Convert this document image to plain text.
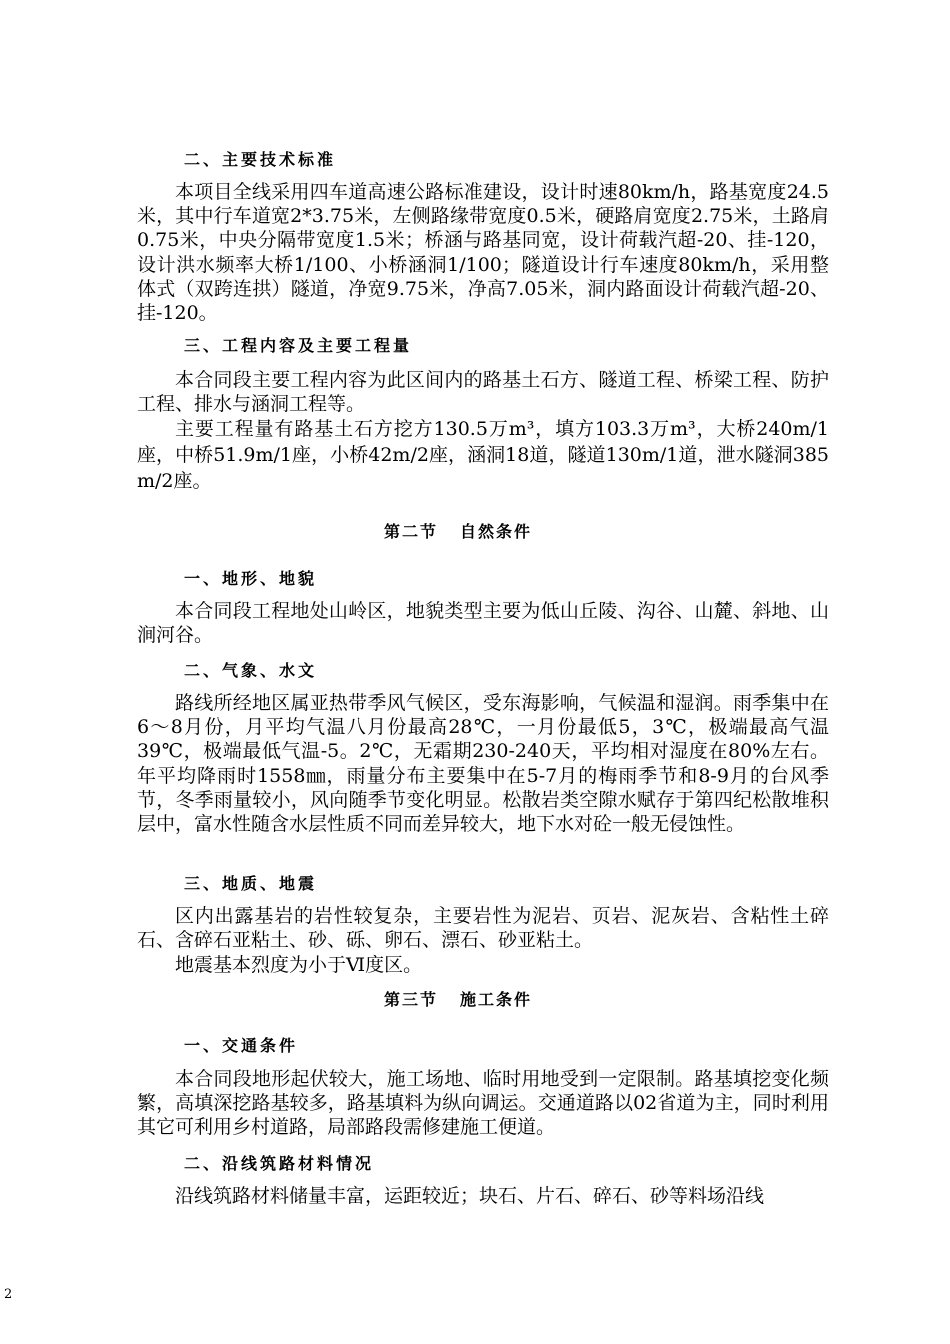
二、主要技术标准

本项目全线采用四车道高速公路标准建设，设计时速80km/h，路基宽度24.5米，其中行车道宽2*3.75米，左侧路缘带宽度0.5米，硬路肩宽度2.75米，土路肩0.75米，中央分隔带宽度1.5米；桥涵与路基同宽，设计荷载汽超-20、挂-120，设计洪水频率大桥1/100、小桥涵洞1/100；隧道设计行车速度80km/h，采用整体式（双跨连拱）隧道，净宽9.75米，净高7.05米，洞内路面设计荷载汽超-20、挂-120。

三、工程内容及主要工程量

本合同段主要工程内容为此区间内的路基土石方、隧道工程、桥梁工程、防护工程、排水与涵洞工程等。

主要工程量有路基土石方挖方130.5万m³，填方103.3万m³，大桥240m/1座，中桥51.9m/1座，小桥42m/2座，涵洞18道，隧道130m/1道，泄水隧洞385 m/2座。

第二节 自然条件
一、地形、地貌

本合同段工程地处山岭区，地貌类型主要为低山丘陵、沟谷、山麓、斜地、山涧河谷。

二、气象、水文

路线所经地区属亚热带季风气候区，受东海影响，气候温和湿润。雨季集中在6～8月份，月平均气温八月份最高28℃，一月份最低5，3℃，极端最高气温39℃，极端最低气温-5。2℃，无霜期230-240天，平均相对湿度在80%左右。年平均降雨时1558㎜，雨量分布主要集中在5-7月的梅雨季节和8-9月的台风季节，冬季雨量较小，风向随季节变化明显。松散岩类空隙水赋存于第四纪松散堆积层中，富水性随含水层性质不同而差异较大，地下水对砼一般无侵蚀性。

三、地质、地震

区内出露基岩的岩性较复杂，主要岩性为泥岩、页岩、泥灰岩、含粘性土碎石、含碎石亚粘土、砂、砾、卵石、漂石、砂亚粘土。

地震基本烈度为小于Ⅵ度区。

第三节 施工条件
一、交通条件

本合同段地形起伏较大，施工场地、临时用地受到一定限制。路基填挖变化频繁，高填深挖路基较多，路基填料为纵向调运。交通道路以02省道为主，同时利用其它可利用乡村道路，局部路段需修建施工便道。

二、沿线筑路材料情况

沿线筑路材料储量丰富，运距较近；块石、片石、碎石、砂等料场沿线

2
